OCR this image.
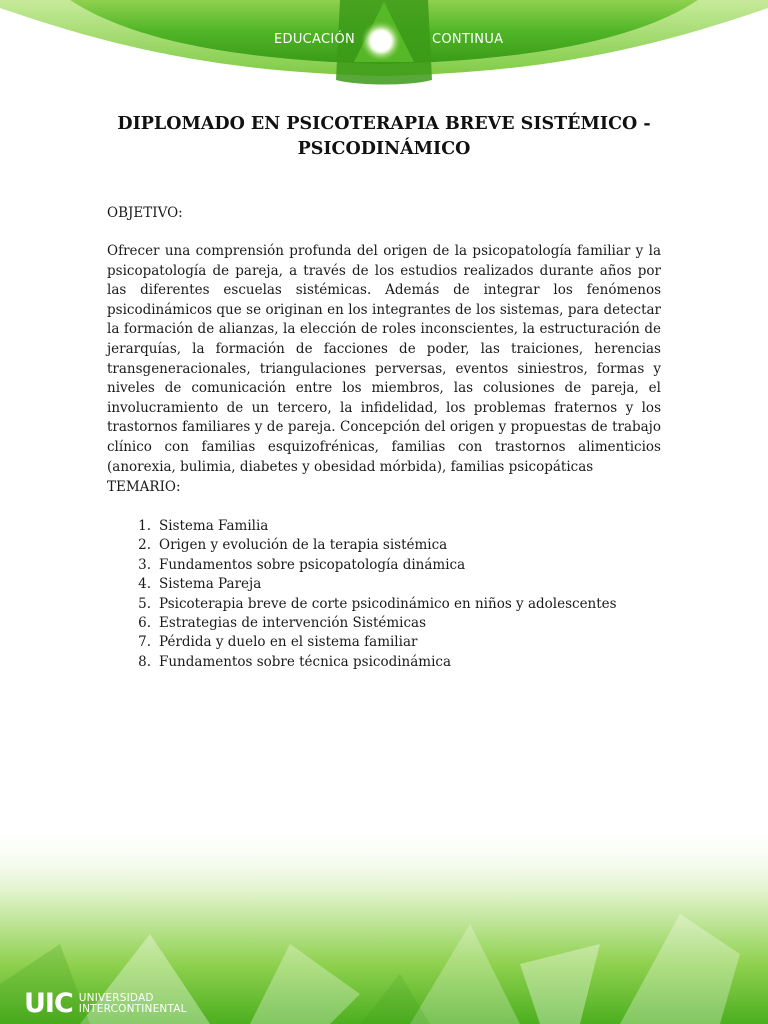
EDUCACIÓN	CONTINUA
DIPLOMADO EN PSICOTERAPIA BREVE SISTÉMICO -
PSICODINÁMICO
OBJETIVO:
Ofrecer una comprensión profunda del origen de la psicopatología familiar y la psicopatología de pareja, a través de los estudios realizados durante años por las diferentes escuelas sistémicas. Además de integrar los fenómenos psicodinámicos que se originan en los integrantes de los sistemas, para detectar la formación de alianzas, la elección de roles inconscientes, la estructuración de jerarquías, la formación de facciones de poder, las traiciones, herencias transgeneracionales, triangulaciones perversas, eventos siniestros, formas y niveles de comunicación entre los miembros, las colusiones de pareja, el involucramiento de un tercero, la infidelidad, los problemas fraternos y los trastornos familiares y de pareja. Concepción del origen y propuestas de trabajo clínico con familias esquizofrénicas, familias con trastornos alimenticios (anorexia, bulimia, diabetes y obesidad mórbida), familias psicopáticas
TEMARIO:
1. Sistema Familia
2. Origen y evolución de la terapia sistémica
3. Fundamentos sobre psicopatología dinámica
4. Sistema Pareja
5. Psicoterapia breve de corte psicodinámico en niños y adolescentes
6. Estrategias de intervención Sistémicas
7. Pérdida y duelo en el sistema familiar
8. Fundamentos sobre técnica psicodinámica
UIC UNIVERSIDAD
INTERCONTINENTAL
